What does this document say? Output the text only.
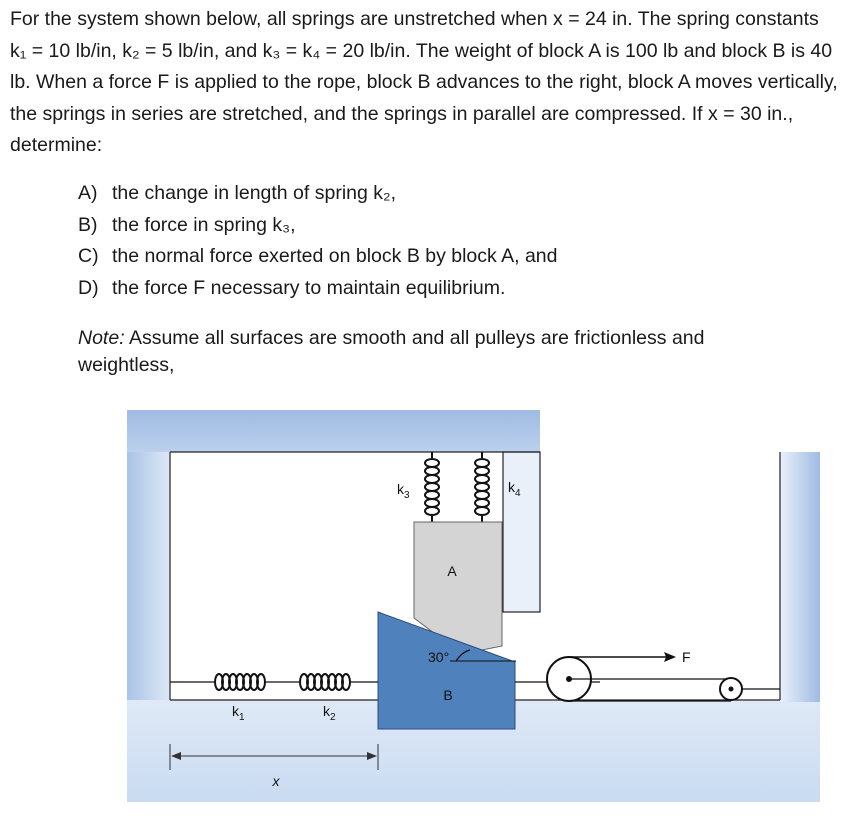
For the system shown below, all springs are unstretched when x = 24 in. The spring constants k₁ = 10 lb/in, k₂ = 5 lb/in, and k₃ = k₄ = 20 lb/in. The weight of block A is 100 lb and block B is 40 lb. When a force F is applied to the rope, block B advances to the right, block A moves vertically, the springs in series are stretched, and the springs in parallel are compressed. If x = 30 in., determine:
A) the change in length of spring k₂,
B) the force in spring k₃,
C) the normal force exerted on block B by block A, and
D) the force F necessary to maintain equilibrium.
Note: Assume all surfaces are smooth and all pulleys are frictionless and weightless,
$k_3$
$k_4$
A
B
30°
$k_1$	$k_2$
F
x
